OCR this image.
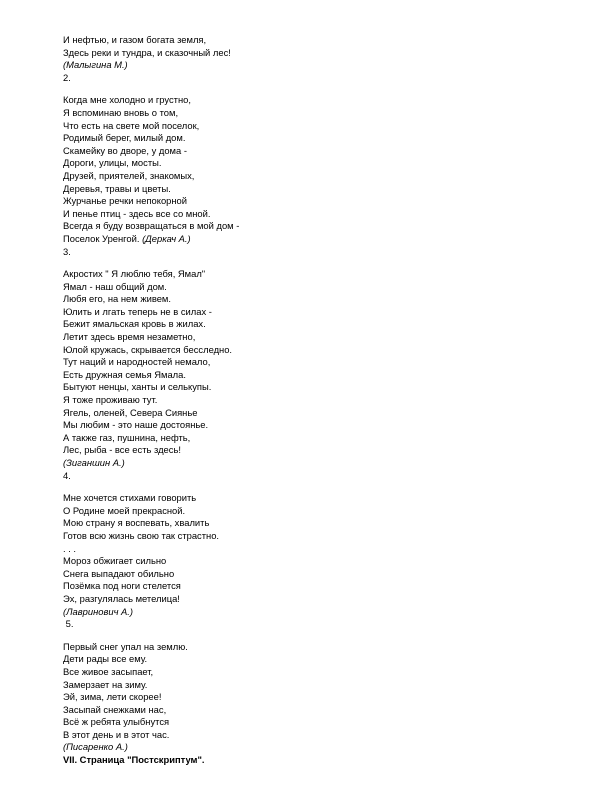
И нефтью, и газом богата земля,
Здесь реки и тундра, и сказочный лес!
(Малыгина М.)
2.
Когда мне холодно и грустно,
Я вспоминаю вновь о том,
Что есть на свете мой поселок,
Родимый берег, милый дом.
Скамейку во дворе, у дома -
Дороги, улицы, мосты.
Друзей, приятелей, знакомых,
Деревья, травы и цветы.
Журчанье речки непокорной
И пенье птиц - здесь все со мной.
Всегда я буду возвращаться в мой дом -
Поселок Уренгой. (Деркач А.)
3.
Акростих " Я люблю тебя, Ямал"
Ямал - наш общий дом.
Любя его, на нем живем.
Юлить и лгать теперь не в силах -
Бежит ямальская кровь в жилах.
Летит здесь время незаметно,
Юлой кружась, скрывается бесследно.
Тут наций и народностей немало,
Есть дружная семья Ямала.
Бытуют ненцы, ханты и селькупы.
Я тоже проживаю тут.
Ягель, оленей, Севера Сиянье
Мы любим - это наше достоянье.
А также газ, пушнина, нефть,
Лес, рыба - все есть здесь!
(Зиганшин А.)
4.
Мне хочется стихами говорить
О Родине моей прекрасной.
Мою страну я воспевать, хвалить
Готов всю жизнь свою так страстно.
. . .
Мороз обжигает сильно
Снега выпадают обильно
Позёмка под ноги стелется
Эх, разгулялась метелица!
(Лавринович А.)
5.
Первый снег упал на землю.
Дети рады все ему.
Все живое засыпает,
Замерзает на зиму.
Эй, зима, лети скорее!
Засыпай снежками нас,
Всё ж ребята улыбнутся
В этот день и в этот час.
(Писаренко А.)
VII. Страница "Постскриптум".
